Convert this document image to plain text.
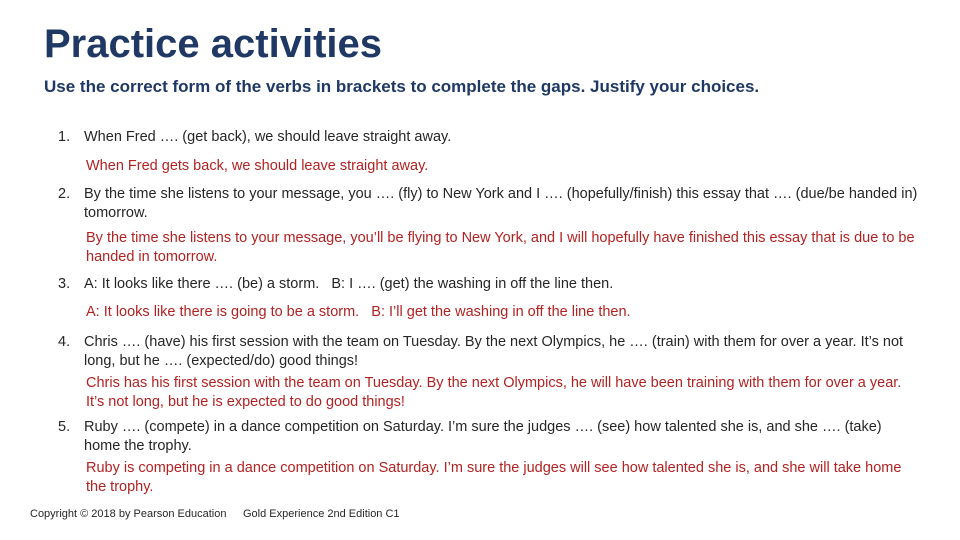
Practice activities

Use the correct form of the verbs in brackets to complete the gaps. Justify your choices.

1. When Fred …. (get back), we should leave straight away.
When Fred gets back, we should leave straight away.
2. By the time she listens to your message, you …. (fly) to New York and I …. (hopefully/finish) this essay that …. (due/be handed in) tomorrow.
By the time she listens to your message, you’ll be flying to New York, and I will hopefully have finished this essay that is due to be handed in tomorrow.
3. A: It looks like there …. (be) a storm.   B: I …. (get) the washing in off the line then.
A: It looks like there is going to be a storm.   B: I’ll get the washing in off the line then.
4. Chris …. (have) his first session with the team on Tuesday. By the next Olympics, he …. (train) with them for over a year. It’s not long, but he …. (expected/do) good things!
Chris has his first session with the team on Tuesday. By the next Olympics, he will have been training with them for over a year. It’s not long, but he is expected to do good things!
5. Ruby …. (compete) in a dance competition on Saturday. I’m sure the judges …. (see) how talented she is, and she …. (take) home the trophy.
Ruby is competing in a dance competition on Saturday. I’m sure the judges will see how talented she is, and she will take home the trophy.
Copyright © 2018 by Pearson Education Gold Experience 2nd Edition C1
